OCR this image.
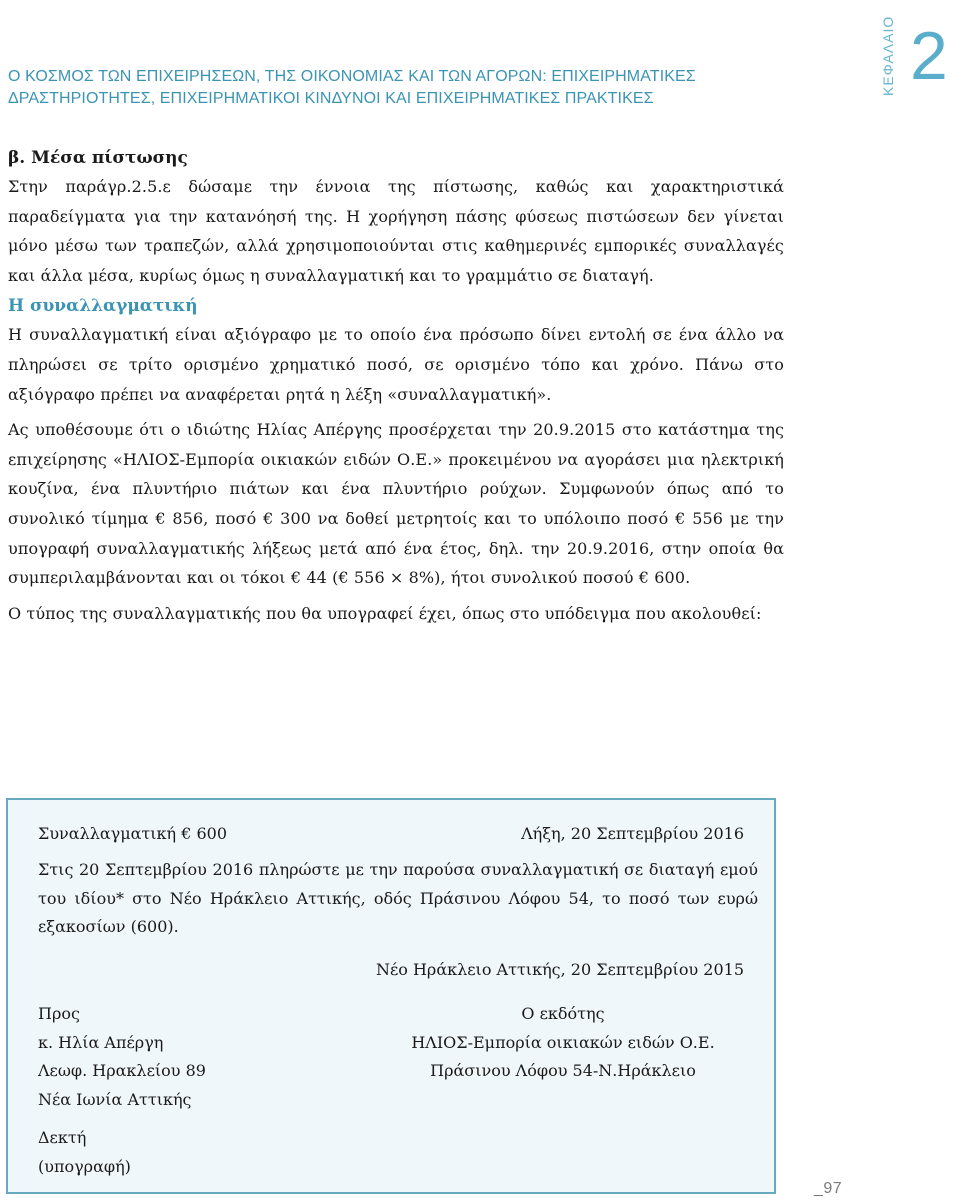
Ο ΚΟΣΜΟΣ ΤΩΝ ΕΠΙΧΕΙΡΗΣΕΩΝ, ΤΗΣ ΟΙΚΟΝΟΜΙΑΣ ΚΑΙ ΤΩΝ ΑΓΟΡΩΝ: ΕΠΙΧΕΙΡΗΜΑΤΙΚΕΣ
ΔΡΑΣΤΗΡΙΟΤΗΤΕΣ, ΕΠΙΧΕΙΡΗΜΑΤΙΚΟΙ ΚΙΝΔΥΝΟΙ ΚΑΙ ΕΠΙΧΕΙΡΗΜΑΤΙΚΕΣ ΠΡΑΚΤΙΚΕΣ
ΚΕΦΑΛΑΙΟ 2
β. Μέσα πίστωσης

Στην παράγρ.2.5.ε δώσαμε την έννοια της πίστωσης, καθώς και χαρακτηριστικά παραδείγματα για την κατανόησή της. Η χορήγηση πάσης φύσεως πιστώσεων δεν γίνεται μόνο μέσω των τραπεζών, αλλά χρησιμοποιούνται στις καθημερινές εμπορικές συναλλαγές και άλλα μέσα, κυρίως όμως η συναλλαγματική και το γραμμάτιο σε διαταγή.

Η συναλλαγματική

Η συναλλαγματική είναι αξιόγραφο με το οποίο ένα πρόσωπο δίνει εντολή σε ένα άλλο να πληρώσει σε τρίτο ορισμένο χρηματικό ποσό, σε ορισμένο τόπο και χρόνο. Πάνω στο αξιόγραφο πρέπει να αναφέρεται ρητά η λέξη «συναλλαγματική».

Ας υποθέσουμε ότι ο ιδιώτης Ηλίας Απέργης προσέρχεται την 20.9.2015 στο κατάστημα της επιχείρησης «ΗΛΙΟΣ-Εμπορία οικιακών ειδών Ο.Ε.» προκειμένου να αγοράσει μια ηλεκτρική κουζίνα, ένα πλυντήριο πιάτων και ένα πλυντήριο ρούχων. Συμφωνούν όπως από το συνολικό τίμημα € 856, ποσό € 300 να δοθεί μετρητοίς και το υπόλοιπο ποσό € 556 με την υπογραφή συναλλαγματικής λήξεως μετά από ένα έτος, δηλ. την 20.9.2016, στην οποία θα συμπεριλαμβάνονται και οι τόκοι € 44 (€ 556 × 8%), ήτοι συνολικού ποσού € 600.

Ο τύπος της συναλλαγματικής που θα υπογραφεί έχει, όπως στο υπόδειγμα που ακολουθεί:

Συναλλαγματική € 600	Λήξη, 20 Σεπτεμβρίου 2016
Στις 20 Σεπτεμβρίου 2016 πληρώστε με την παρούσα συναλλαγματική σε διαταγή εμού του ιδίου* στο Νέο Ηράκλειο Αττικής, οδός Πράσινου Λόφου 54, το ποσό των ευρώ εξακοσίων (600).
Νέο Ηράκλειο Αττικής, 20 Σεπτεμβρίου 2015
Προς
κ. Ηλία Απέργη
Λεωφ. Ηρακλείου 89
Νέα Ιωνία Αττικής
Δεκτή
(υπογραφή)
Ο εκδότης
ΗΛΙΟΣ-Εμπορία οικιακών ειδών Ο.Ε.
Πράσινου Λόφου 54-Ν.Ηράκλειο
_97
